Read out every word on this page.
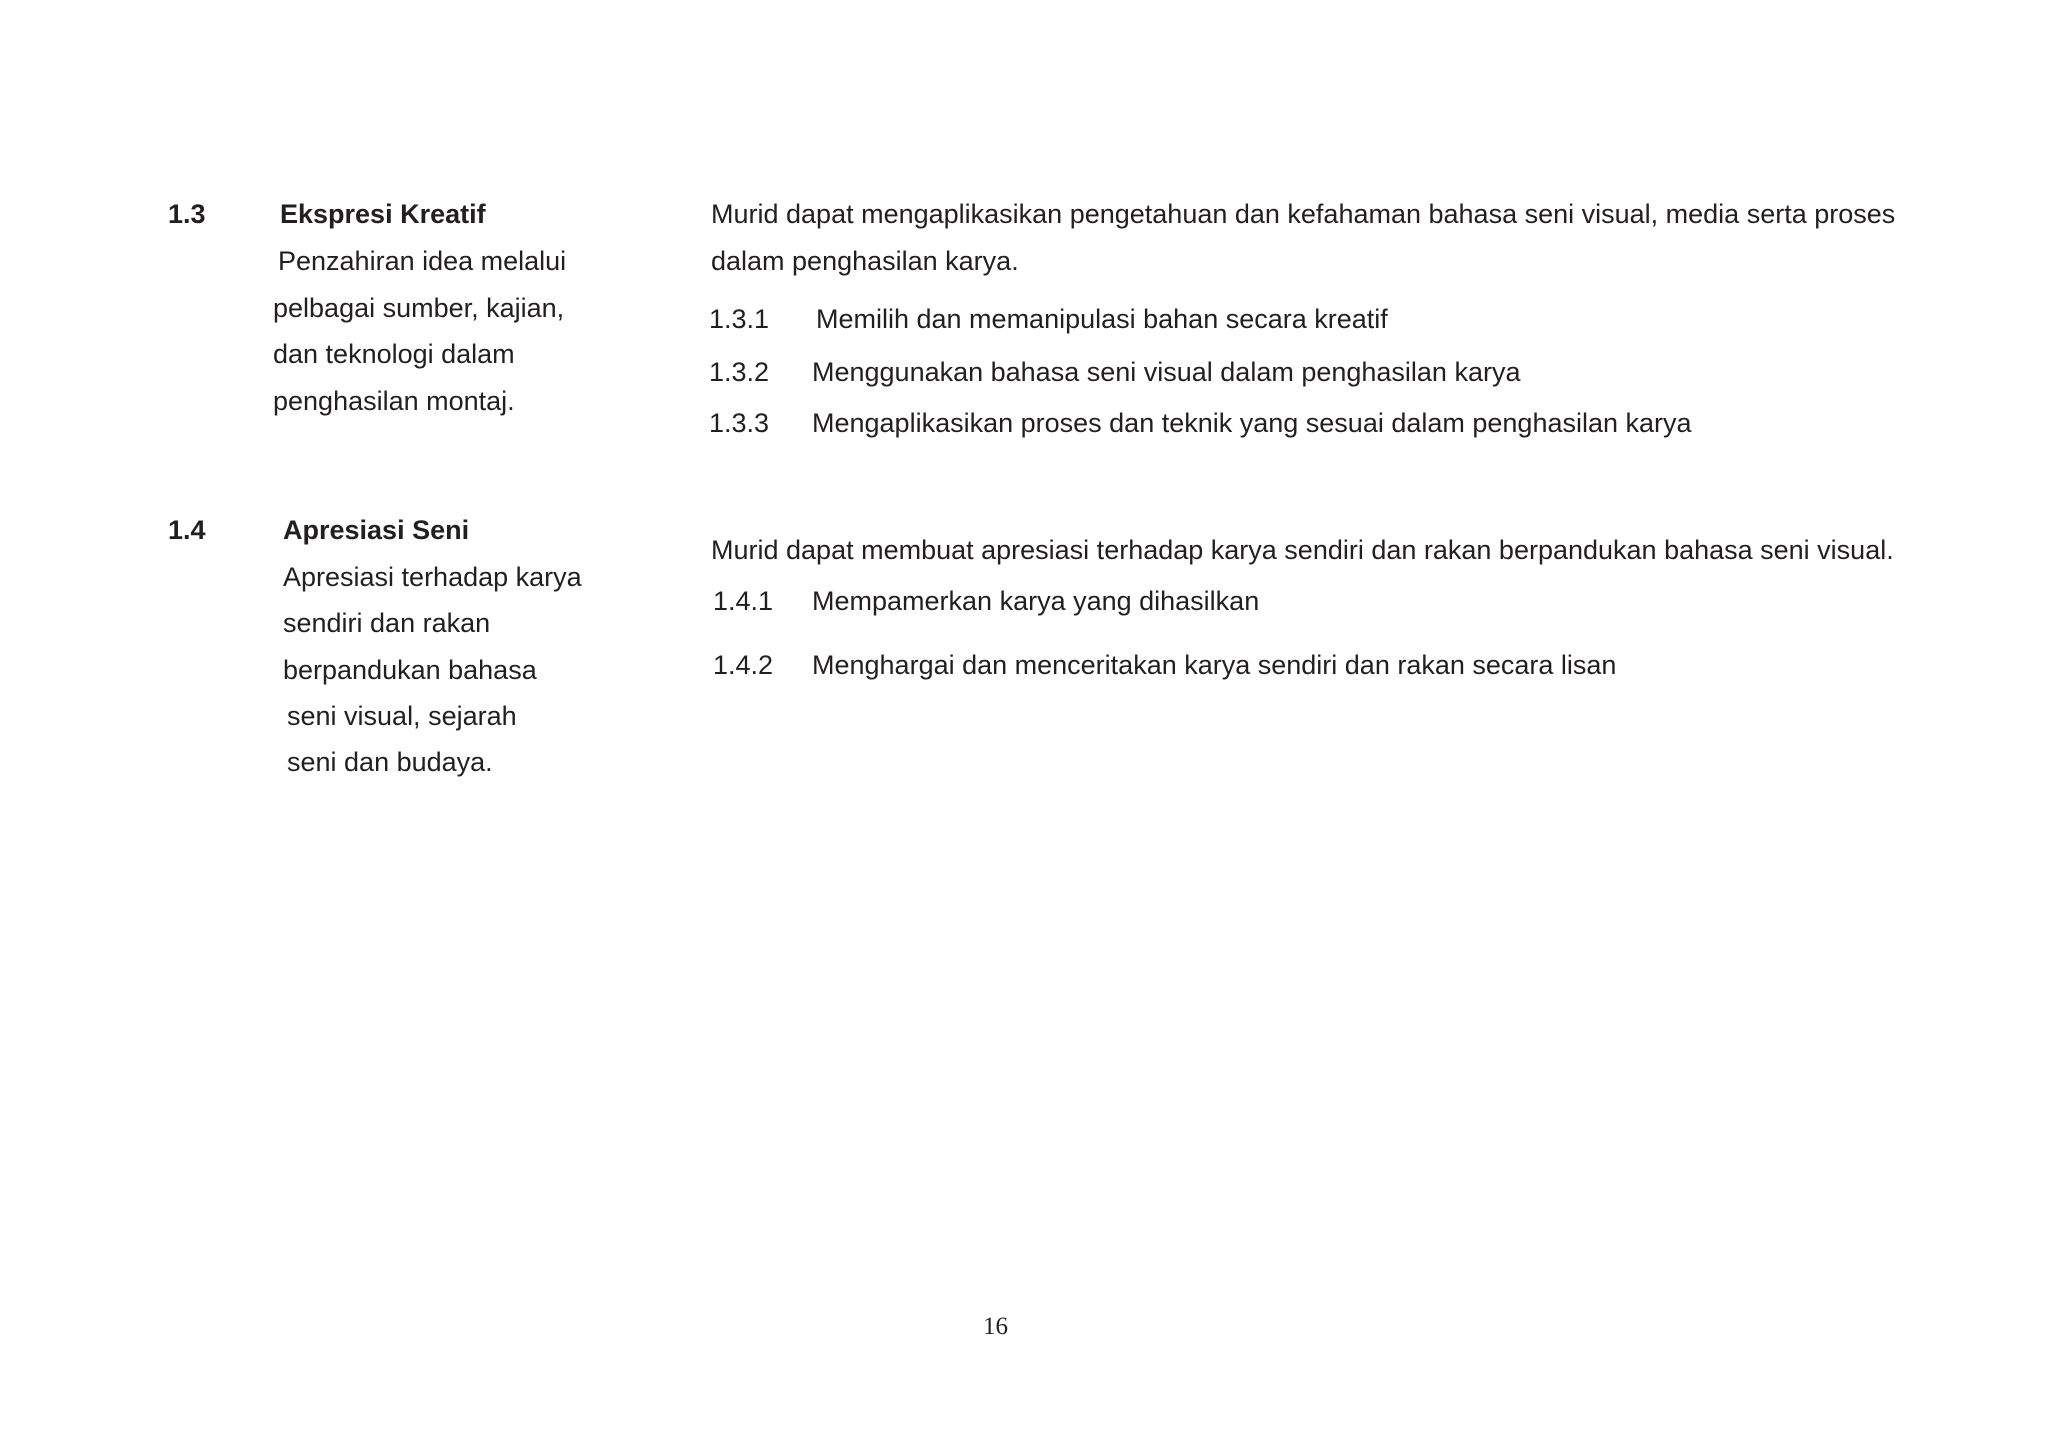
1.3	Ekspresi Kreatif
Penzahiran idea melalui
pelbagai sumber, kajian,
dan teknologi dalam
penghasilan montaj.
Murid dapat mengaplikasikan pengetahuan dan kefahaman bahasa seni visual, media serta proses
dalam penghasilan karya.
1.3.1 Memilih dan memanipulasi bahan secara kreatif
1.3.2 Menggunakan bahasa seni visual dalam penghasilan karya
1.3.3 Mengaplikasikan proses dan teknik yang sesuai dalam penghasilan karya
1.4	Apresiasi Seni
Apresiasi terhadap karya
sendiri dan rakan
berpandukan bahasa
seni visual, sejarah
seni dan budaya.
Murid dapat membuat apresiasi terhadap karya sendiri dan rakan berpandukan bahasa seni visual.
1.4.1 Mempamerkan karya yang dihasilkan
1.4.2 Menghargai dan menceritakan karya sendiri dan rakan secara lisan
16
